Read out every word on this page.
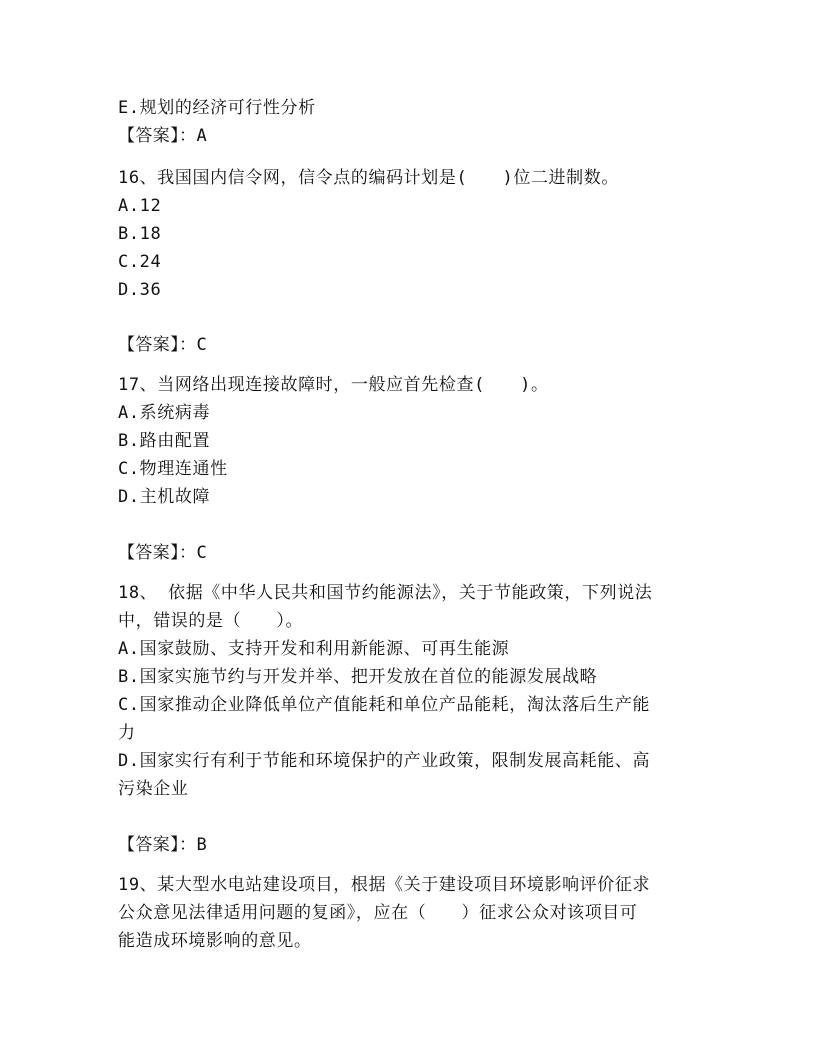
E.规划的经济可行性分析
【答案】：A
16、我国国内信令网，信令点的编码计划是(　　)位二进制数。
A.12
B.18
C.24
D.36
【答案】：C
17、当网络出现连接故障时，一般应首先检查(　　)。
A.系统病毒
B.路由配置
C.物理连通性
D.主机故障
【答案】：C
18、 依据《中华人民共和国节约能源法》，关于节能政策，下列说法
中，错误的是（　　）。
A.国家鼓励、支持开发和利用新能源、可再生能源
B.国家实施节约与开发并举、把开发放在首位的能源发展战略
C.国家推动企业降低单位产值能耗和单位产品能耗，淘汰落后生产能
力
D.国家实行有利于节能和环境保护的产业政策，限制发展高耗能、高
污染企业
【答案】：B
19、某大型水电站建设项目，根据《关于建设项目环境影响评价征求
公众意见法律适用问题的复函》，应在（　　）征求公众对该项目可
能造成环境影响的意见。
